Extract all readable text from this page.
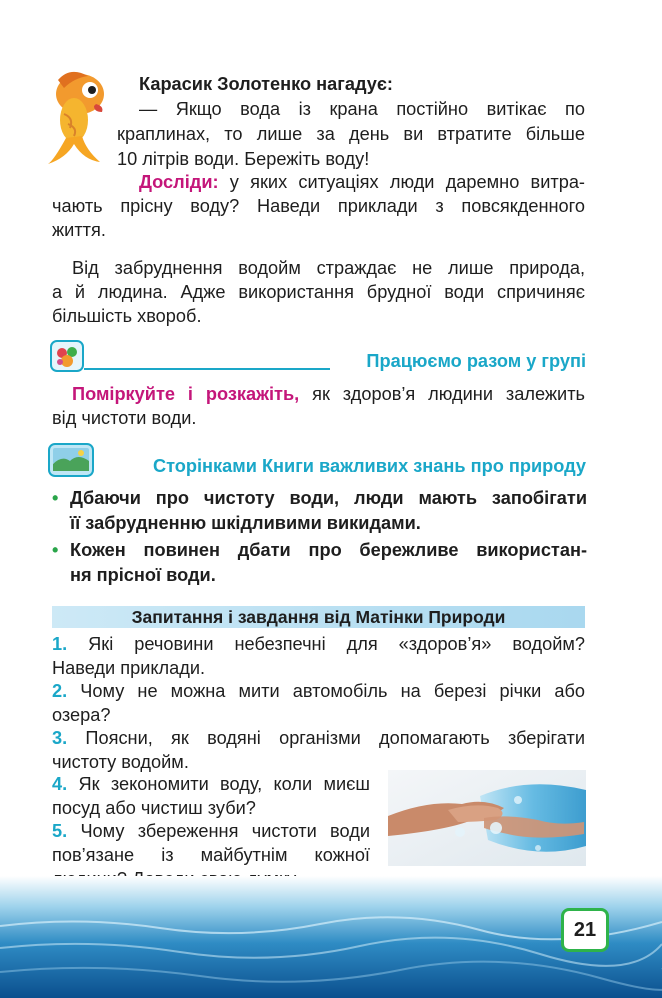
Карасик Золотенко нагадує:
— Якщо вода із крана постійно витікає по
краплинах, то лише за день ви втратите більше
10 літрів води. Бережіть воду!
Досліди: у яких ситуаціях люди даремно витра-
чають прісну воду? Наведи приклади з повсякденного
життя.
Від забруднення водойм страждає не лише природа,
а й людина. Адже використання брудної води спричиняє
більшість хвороб.
Працюємо разом у групі
Поміркуйте і розкажіть, як здоров’я людини залежить
від чистоти води.
Сторінками Книги важливих знань про природу
• Дбаючи про чистоту води, люди мають запобігати
її забрудненню шкідливими викидами.
• Кожен повинен дбати про бережливе використан-
ня прісної води.
Запитання і завдання від Матінки Природи
1. Які речовини небезпечні для «здоров’я» водойм?
Наведи приклади.
2. Чому не можна мити автомобіль на березі річки або
озера?
3. Поясни, як водяні організми допомагають зберігати
чистоту водойм.
4. Як зекономити воду, коли миєш
посуд або чистиш зуби?
5. Чому збереження чистоти води
пов’язане із майбутнім кожної
21
